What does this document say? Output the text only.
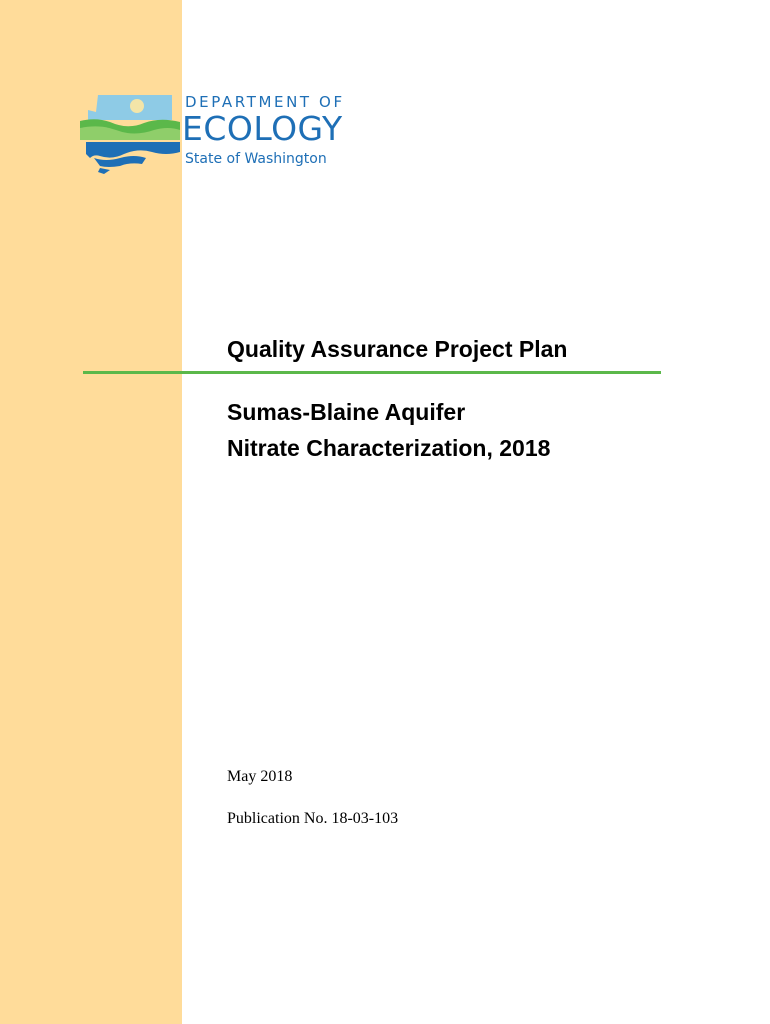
DEPARTMENT OF
ECOLOGY
State of Washington
Quality Assurance Project Plan
Sumas-Blaine Aquifer
Nitrate Characterization, 2018
May 2018
Publication No. 18-03-103
